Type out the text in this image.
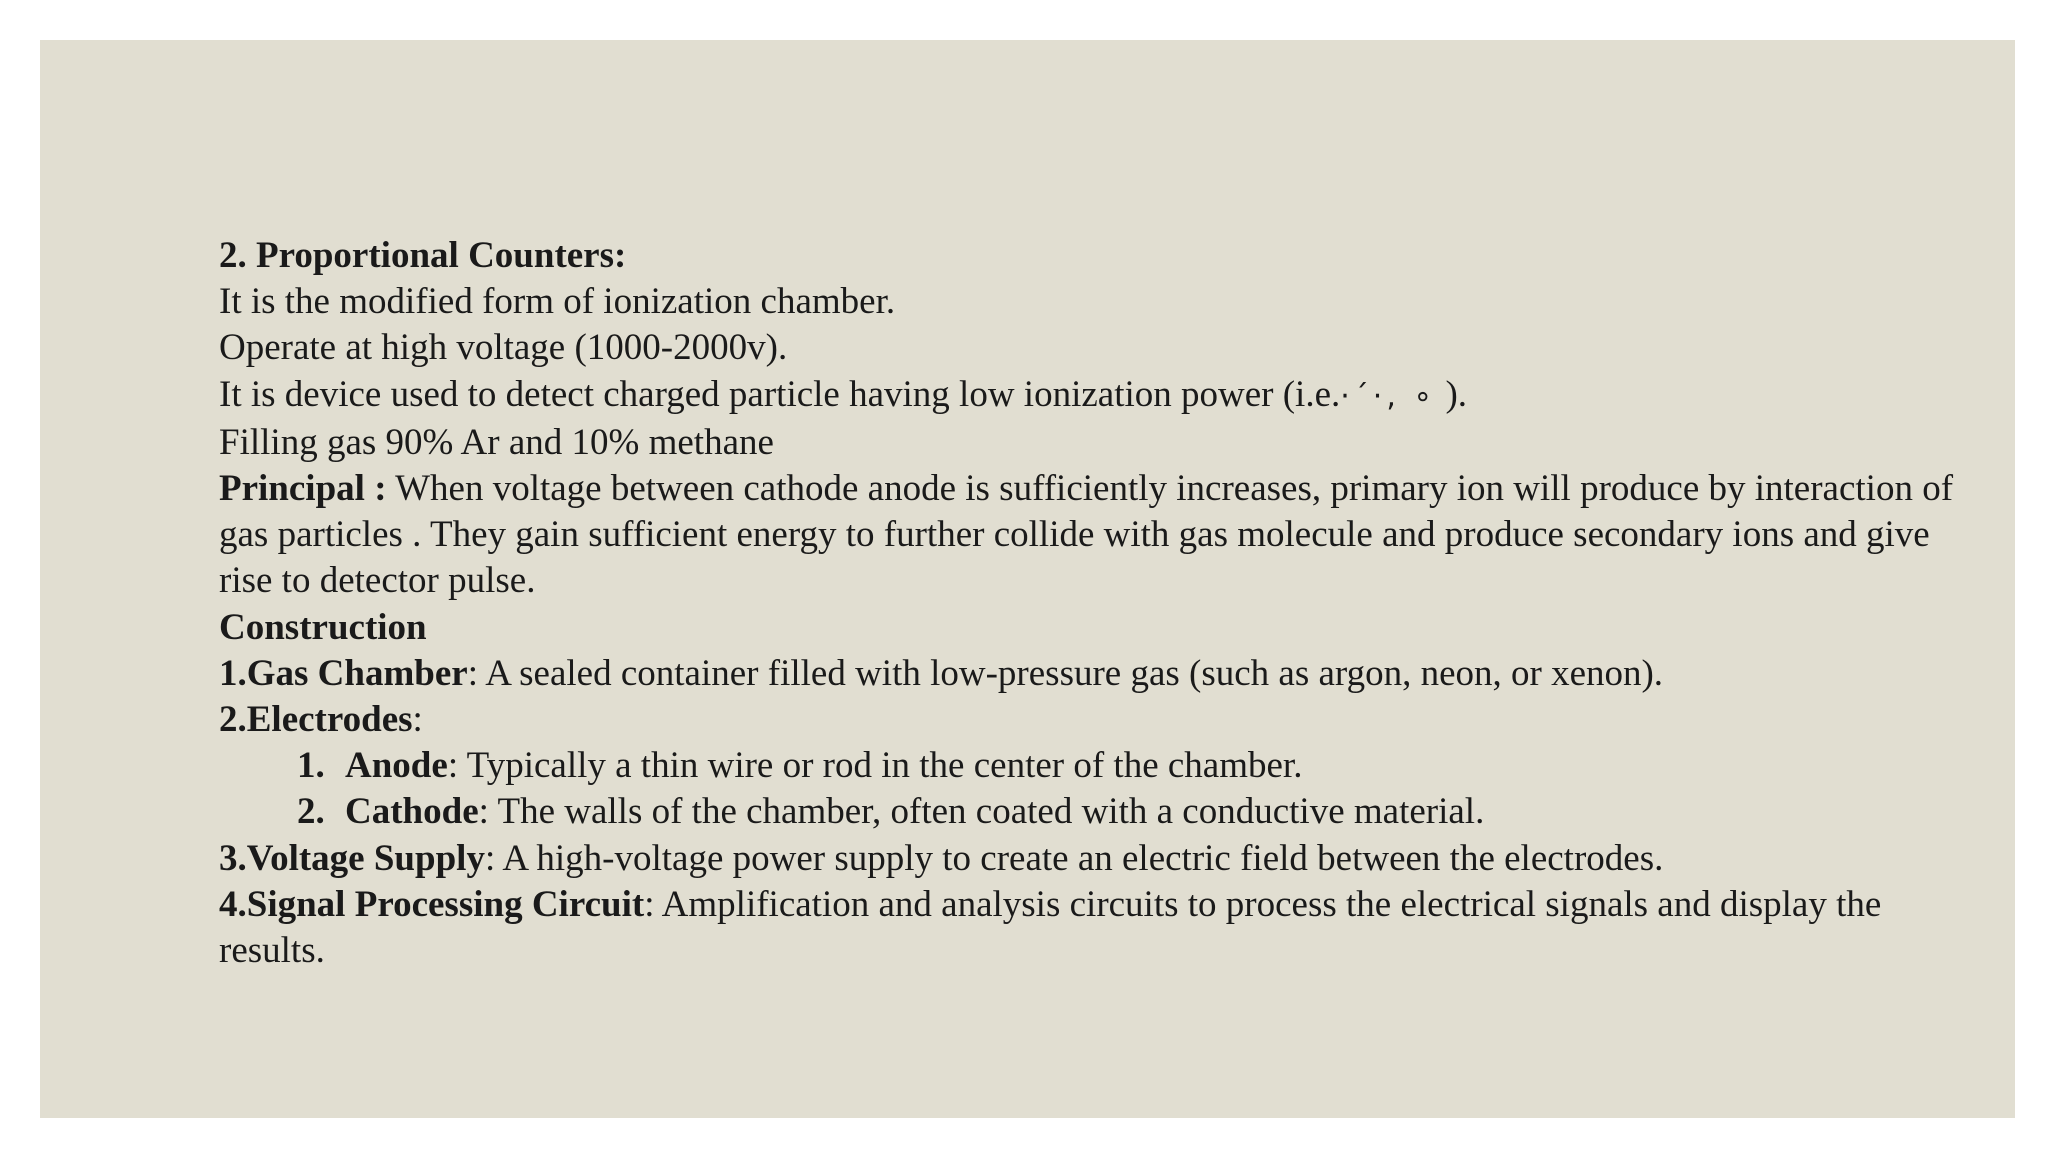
2. Proportional Counters:
It is the modified form of ionization chamber.
Operate at high voltage (1000-2000v).
It is device used to detect charged particle having low ionization power (i.e.·´·, ∘ ).
Filling gas 90% Ar and 10% methane
Principal : When voltage between cathode anode is sufficiently increases, primary ion will produce by interaction of gas particles . They gain sufficient energy to further collide with gas molecule and produce secondary ions and give rise to detector pulse.
Construction
1.Gas Chamber: A sealed container filled with low-pressure gas (such as argon, neon, or xenon).
2.Electrodes:
1. Anode: Typically a thin wire or rod in the center of the chamber.
2. Cathode: The walls of the chamber, often coated with a conductive material.
3.Voltage Supply: A high-voltage power supply to create an electric field between the electrodes.
4.Signal Processing Circuit: Amplification and analysis circuits to process the electrical signals and display the results.
